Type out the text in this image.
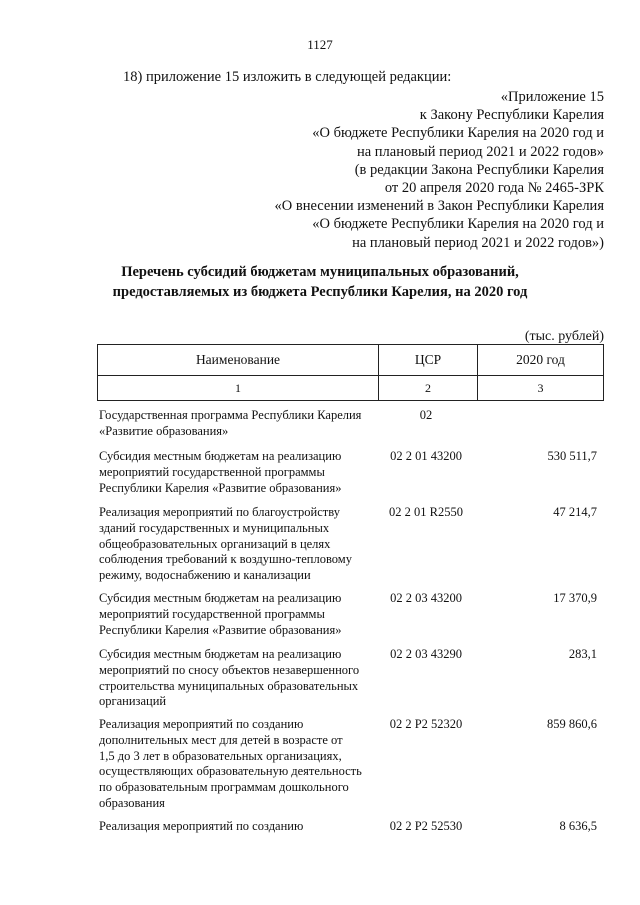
1127
18) приложение 15 изложить в следующей редакции:
«Приложение 15
к Закону Республики Карелия
«О бюджете Республики Карелия на 2020 год и
на плановый период 2021 и 2022 годов»
(в редакции Закона Республики Карелия
от 20 апреля 2020 года № 2465-ЗРК
«О внесении изменений в Закон Республики Карелия
«О бюджете Республики Карелия на 2020 год и
на плановый период 2021 и 2022 годов»)
Перечень субсидий бюджетам муниципальных образований,
предоставляемых из бюджета Республики Карелия, на 2020 год
(тыс. рублей)
Наименование	ЦСР	2020 год
1	2	3
Государственная программа Республики Карелия
«Развитие образования»
02
Субсидия местным бюджетам на реализацию
мероприятий государственной программы
Республики Карелия «Развитие образования»
02 2 01 43200	530 511,7
Реализация мероприятий по благоустройству
зданий государственных и муниципальных
общеобразовательных организаций в целях
соблюдения требований к воздушно-тепловому
режиму, водоснабжению и канализации
02 2 01 R2550	47 214,7
Субсидия местным бюджетам на реализацию
мероприятий государственной программы
Республики Карелия «Развитие образования»
02 2 03 43200	17 370,9
Субсидия местным бюджетам на реализацию
мероприятий по сносу объектов незавершенного
строительства муниципальных образовательных
организаций
02 2 03 43290	283,1
Реализация мероприятий по созданию
дополнительных мест для детей в возрасте от
1,5 до 3 лет в образовательных организациях,
осуществляющих образовательную деятельность
по образовательным программам дошкольного
образования
02 2 P2 52320	859 860,6
Реализация мероприятий по созданию	02 2 P2 52530	8 636,5
